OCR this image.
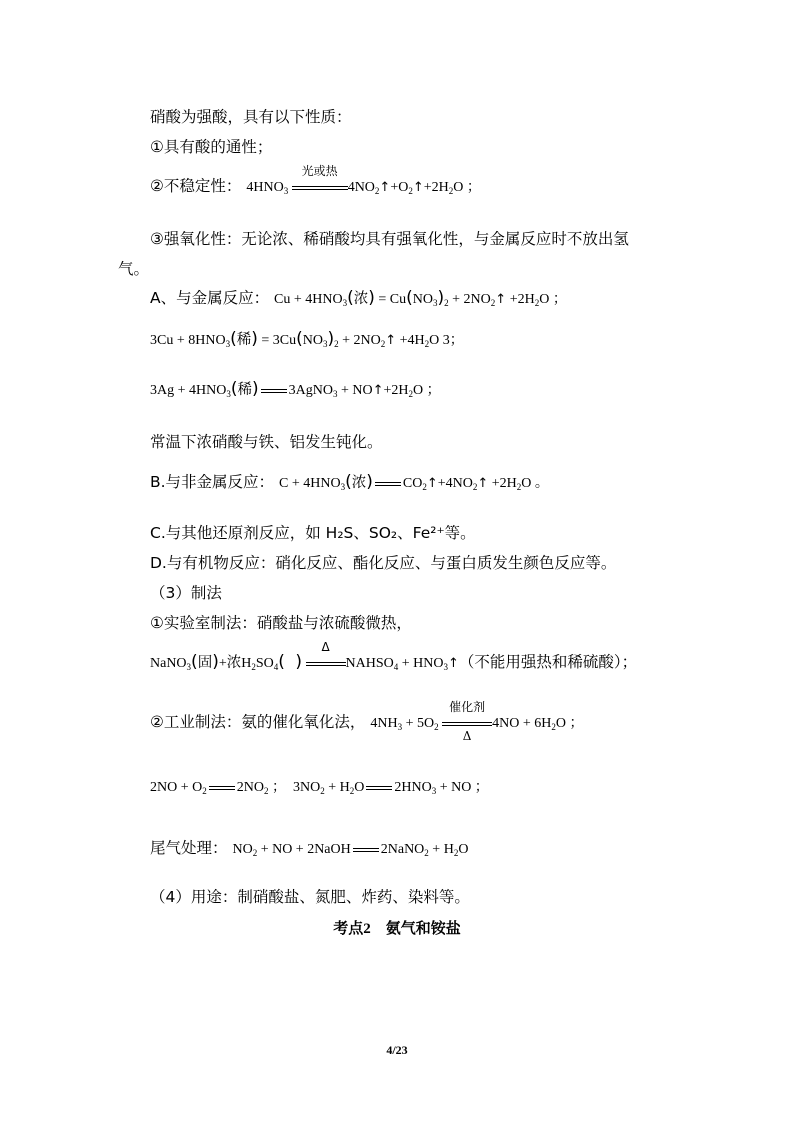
硝酸为强酸，具有以下性质：
①具有酸的通性；
②不稳定性： $4HNO_3$
光或热
$4NO_2↑+O_2↑+2H_2O$ ；
③强氧化性：无论浓、稀硝酸均具有强氧化性，与金属反应时不放出氢
气。
A、与金属反应： $Cu + 4HNO_3$(浓) = $Cu(NO_3)_2$ + $2NO_2↑ +2H_2O$ ；
$3Cu + 8HNO_3$(稀) = $3Cu(NO_3)_2$ + $2NO_2↑ +4H_2O$ 3；
$3Ag + 4HNO_3$(稀) 3AgNO$_3$ + $NO↑+2H_2O$ ；
常温下浓硝酸与铁、铝发生钝化。
B.与非金属反应： $C + 4HNO_3$(浓) $CO_2↑+4NO_2↑ +2H_2O$ 。
C.与其他还原剂反应，如 H₂S、SO₂、Fe²⁺等。
D.与有机物反应：硝化反应、酯化反应、与蛋白质发生颜色反应等。
（3）制法
①实验室制法：硝酸盐与浓硫酸微热，
NaNO$_3$(固)+浓$H_2SO_4$( )
Δ
$NAHSO_4$ + $HNO_3↑$（不能用强热和稀硫酸）；
②工业制法：氨的催化氧化法， $4NH_3 + 5O_2$
催化剂
Δ
$4NO + 6H_2O$ ；
$2NO + O_2$ $2NO_2$ ；  $3NO_2 + H_2O$ $2HNO_3$ + NO ；
尾气处理： $NO_2$ + NO + 2NaOH 2NaNO$_2$ + $H_2O$
（4）用途：制硝酸盐、氮肥、炸药、染料等。
考点2　氨气和铵盐
4/23
